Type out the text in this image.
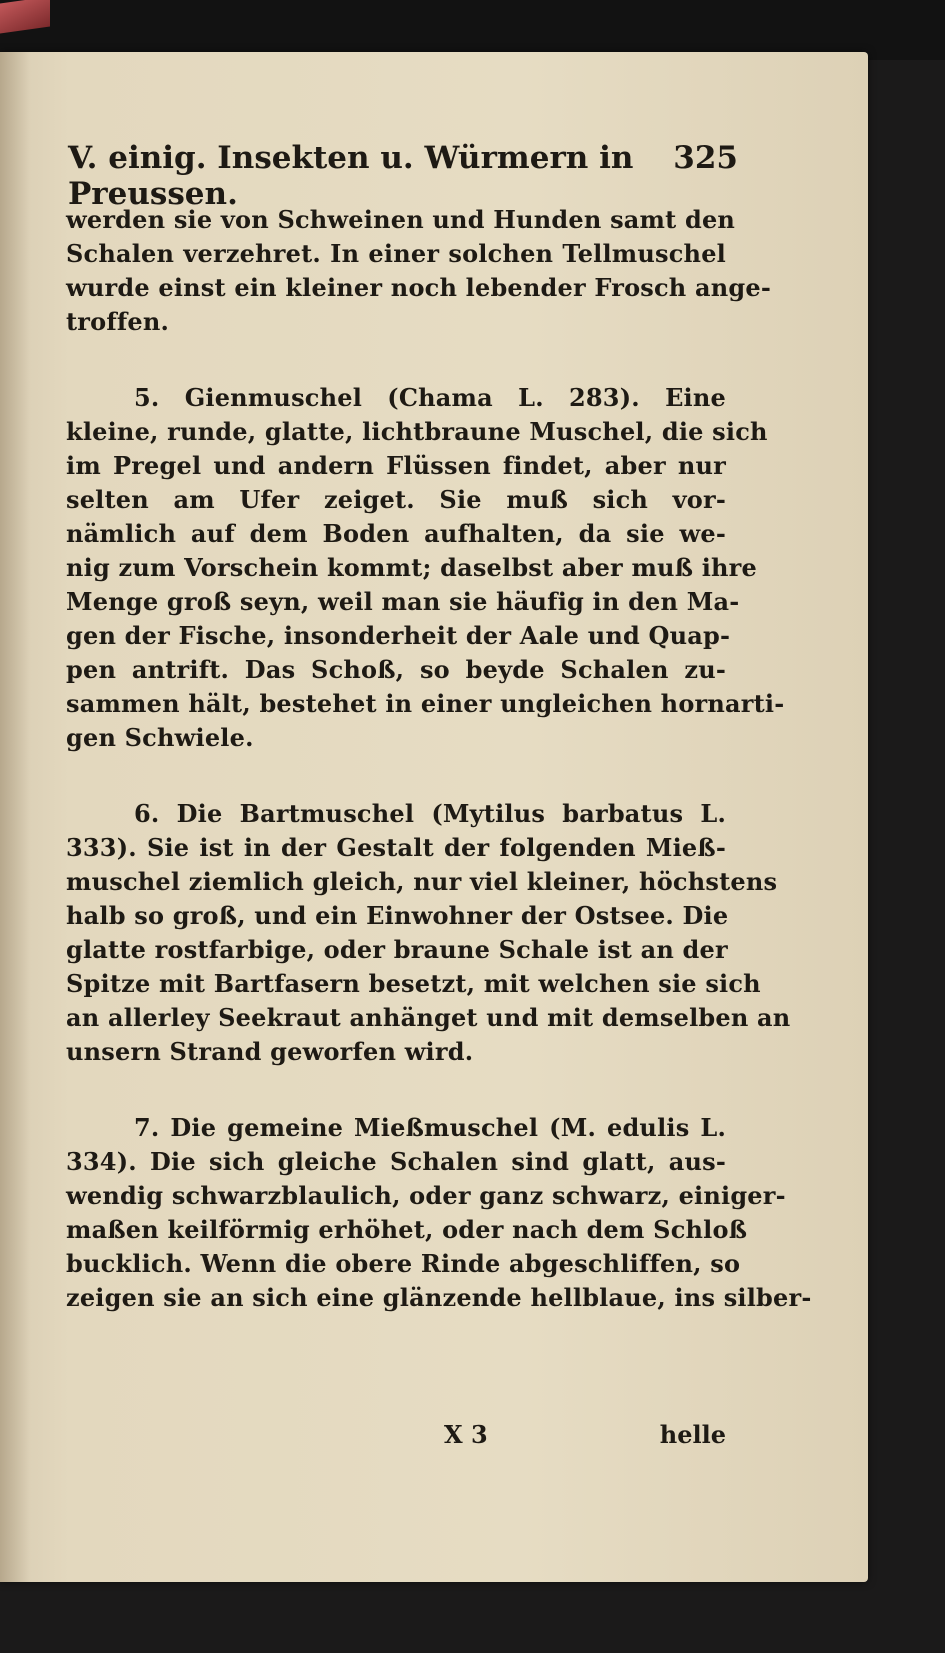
V. einig. Insekten u. Würmern in Preussen.
325
werden sie von Schweinen und Hunden samt den
Schalen verzehret. In einer solchen Tellmuschel
wurde einst ein kleiner noch lebender Frosch ange-
troffen.
5. Gienmuschel (Chama L. 283). Eine
kleine, runde, glatte, lichtbraune Muschel, die sich
im Pregel und andern Flüssen findet, aber nur
selten am Ufer zeiget. Sie muß sich vor-
nämlich auf dem Boden aufhalten, da sie we-
nig zum Vorschein kommt; daselbst aber muß ihre
Menge groß seyn, weil man sie häufig in den Ma-
gen der Fische, insonderheit der Aale und Quap-
pen antrift. Das Schoß, so beyde Schalen zu-
sammen hält, bestehet in einer ungleichen hornarti-
gen Schwiele.
6. Die Bartmuschel (Mytilus barbatus L.
333). Sie ist in der Gestalt der folgenden Mieß-
muschel ziemlich gleich, nur viel kleiner, höchstens
halb so groß, und ein Einwohner der Ostsee. Die
glatte rostfarbige, oder braune Schale ist an der
Spitze mit Bartfasern besetzt, mit welchen sie sich
an allerley Seekraut anhänget und mit demselben an
unsern Strand geworfen wird.
7. Die gemeine Mießmuschel (M. edulis L.
334). Die sich gleiche Schalen sind glatt, aus-
wendig schwarzblaulich, oder ganz schwarz, einiger-
maßen keilförmig erhöhet, oder nach dem Schloß
bucklich. Wenn die obere Rinde abgeschliffen, so
zeigen sie an sich eine glänzende hellblaue, ins silber-
X 3	helle
